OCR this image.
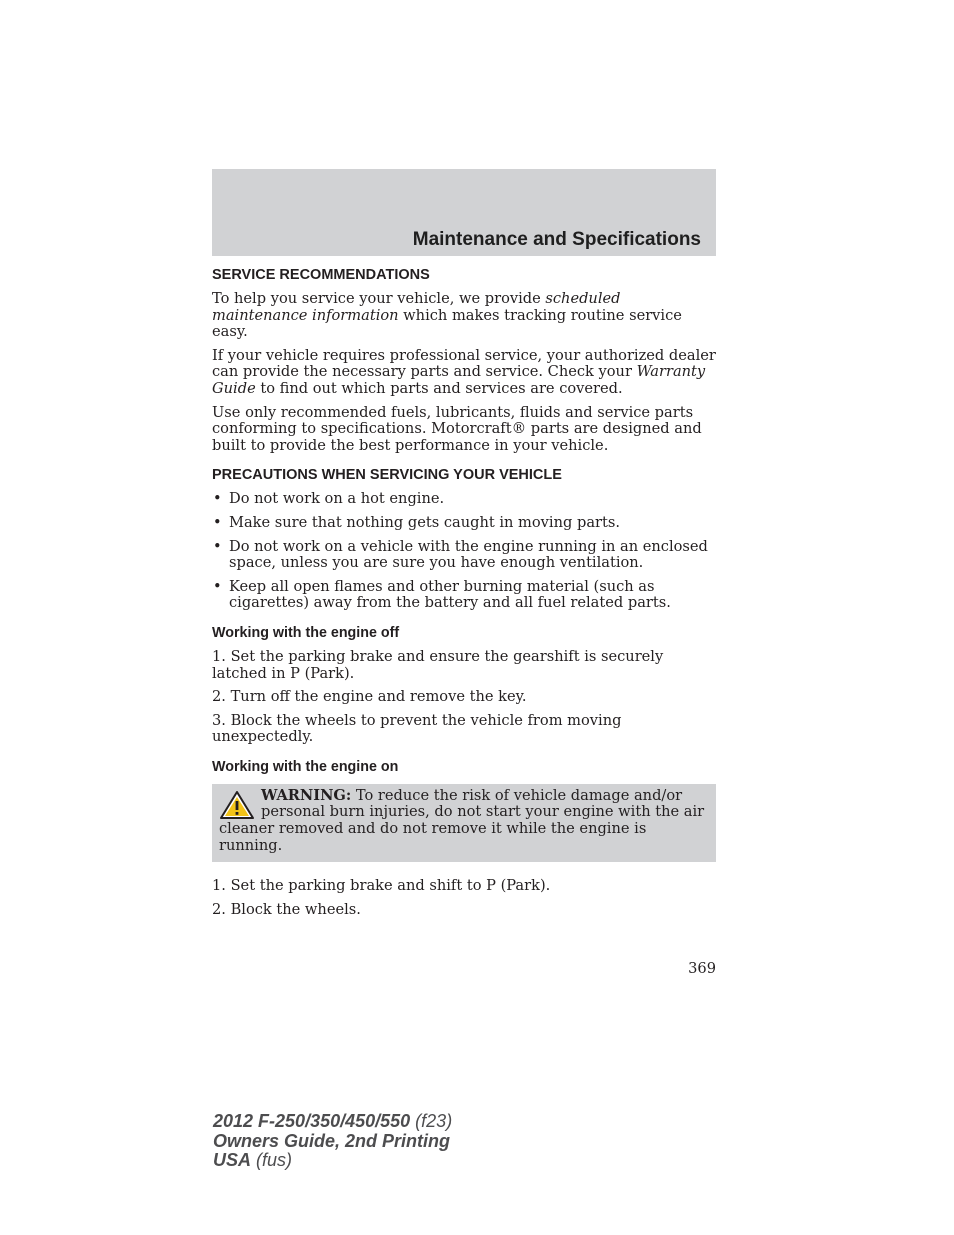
Maintenance and Specifications
SERVICE RECOMMENDATIONS

To help you service your vehicle, we provide scheduled maintenance information which makes tracking routine service easy.

If your vehicle requires professional service, your authorized dealer can provide the necessary parts and service. Check your Warranty Guide to find out which parts and services are covered.

Use only recommended fuels, lubricants, fluids and service parts conforming to specifications. Motorcraft® parts are designed and built to provide the best performance in your vehicle.

PRECAUTIONS WHEN SERVICING YOUR VEHICLE
• Do not work on a hot engine.
• Make sure that nothing gets caught in moving parts.
• Do not work on a vehicle with the engine running in an enclosed space, unless you are sure you have enough ventilation.
• Keep all open flames and other burning material (such as cigarettes) away from the battery and all fuel related parts.
Working with the engine off

1. Set the parking brake and ensure the gearshift is securely latched in P (Park).

2. Turn off the engine and remove the key.

3. Block the wheels to prevent the vehicle from moving unexpectedly.

Working with the engine on
WARNING: To reduce the risk of vehicle damage and/or personal burn injuries, do not start your engine with the air cleaner removed and do not remove it while the engine is running.

1. Set the parking brake and shift to P (Park).

2. Block the wheels.

369
2012 F-250/350/450/550 (f23)
Owners Guide, 2nd Printing
USA (fus)
